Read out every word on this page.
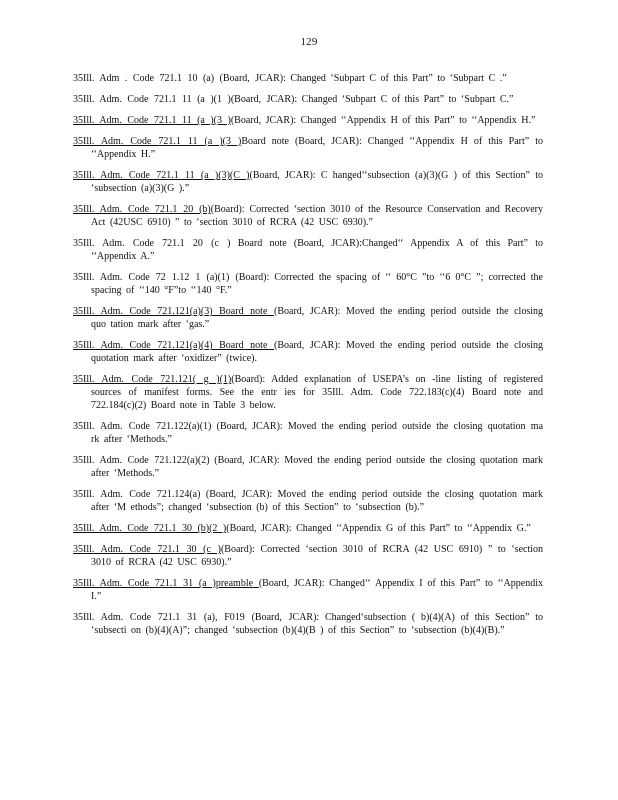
129
35Ill. Adm . Code 721.1 10 (a) (Board, JCAR): Changed ‘Subpart C of this Part” to ‘Subpart C .”
35Ill. Adm. Code 721.1 11 (a )(1 )(Board, JCAR): Changed ‘Subpart C of this Part” to ‘Subpart C.”
35Ill. Adm. Code 721.1 11 (a )(3 )(Board, JCAR): Changed ‘‘Appendix H of this Part” to ‘‘Appendix H.”
35Ill. Adm. Code 721.1 11 (a )(3 )Board note (Board, JCAR): Changed ‘‘Appendix H of this Part” to ‘‘Appendix H.”
35Ill. Adm. Code 721.1 11 (a )(3)(C )(Board, JCAR): C hanged‘‘subsection (a)(3)(G ) of this Section” to ‘subsection (a)(3)(G ).”
35Ill. Adm. Code 721.1 20 (b)(Board): Corrected ‘section 3010 of the Resource Conservation and Recovery Act (42USC 6910) ” to ‘section 3010 of RCRA (42 USC 6930).”
35Ill. Adm. Code 721.1 20 (c ) Board note (Board, JCAR):Changed‘‘ Appendix A of this Part” to ‘‘Appendix A.”
35Ill. Adm. Code 72 1.12 1 (a)(1) (Board): Corrected the spacing of ‘‘ 60°C ”to ‘‘6 0°C ”; corrected the spacing of ‘‘140 °F”to ‘‘140 °F.”
35Ill. Adm. Code 721.121(a)(3) Board note (Board, JCAR): Moved the ending period outside the closing quo tation mark after ‘gas.”
35Ill. Adm. Code 721.121(a)(4) Board note (Board, JCAR): Moved the ending period outside the closing quotation mark after ‘oxidizer” (twice).
35Ill. Adm. Code 721.121( g )(1)(Board): Added explanation of USEPA’s on -line listing of registered sources of manifest forms. See the entr ies for 35Ill. Adm. Code 722.183(c)(4) Board note and 722.184(c)(2) Board note in Table 3 below.
35Ill. Adm. Code 721.122(a)(1) (Board, JCAR): Moved the ending period outside the closing quotation ma rk after ‘Methods.”
35Ill. Adm. Code 721.122(a)(2) (Board, JCAR): Moved the ending period outside the closing quotation mark after ‘Methods.”
35Ill. Adm. Code 721.124(a) (Board, JCAR): Moved the ending period outside the closing quotation mark after ‘M ethods”; changed ‘subsection (b) of this Section” to ‘subsection (b).”
35Ill. Adm. Code 721.1 30 (b)(2 )(Board, JCAR): Changed ‘‘Appendix G of this Part” to ‘‘Appendix G.”
35Ill. Adm. Code 721.1 30 (c )(Board): Corrected ‘section 3010 of RCRA (42 USC 6910) ” to ‘section 3010 of RCRA (42 USC 6930).”
35Ill. Adm. Code 721.1 31 (a )preamble (Board, JCAR): Changed‘‘ Appendix I of this Part” to ‘‘Appendix I.”
35Ill. Adm. Code 721.1 31 (a), F019 (Board, JCAR): Changed‘subsection ( b)(4)(A) of this Section” to ‘subsecti on (b)(4)(A)”; changed ‘subsection (b)(4)(B ) of this Section” to ‘subsection (b)(4)(B).”
